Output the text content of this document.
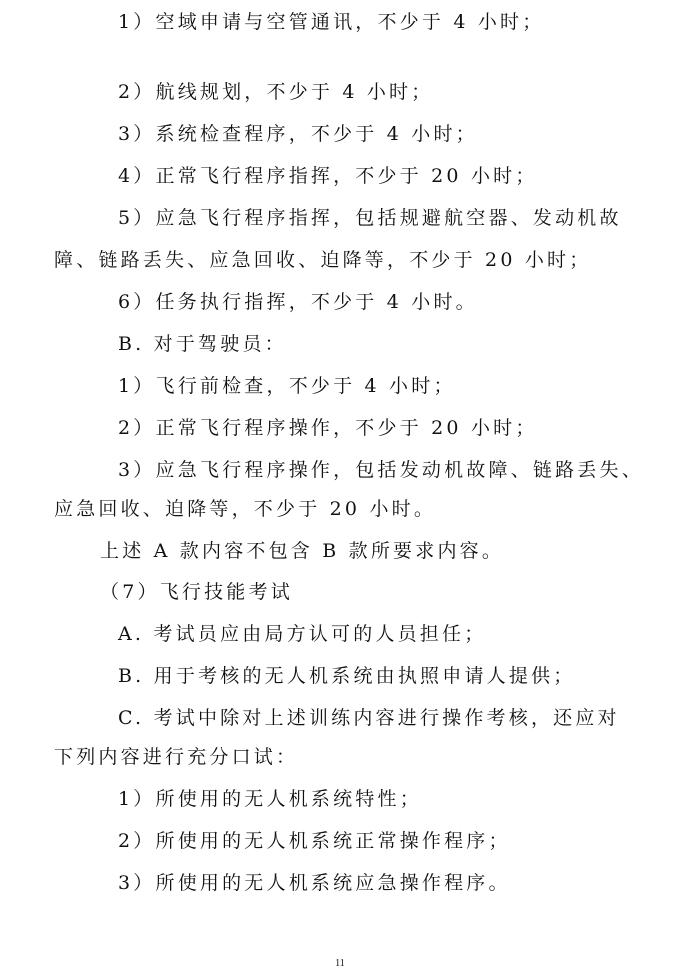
1）空域申请与空管通讯，不少于 4 小时；
2）航线规划，不少于 4 小时；
3）系统检查程序，不少于 4 小时；
4）正常飞行程序指挥，不少于 20 小时；
5）应急飞行程序指挥，包括规避航空器、发动机故
障、链路丢失、应急回收、迫降等，不少于 20 小时；
6）任务执行指挥，不少于 4 小时。
B. 对于驾驶员：
1）飞行前检查，不少于 4 小时；
2）正常飞行程序操作，不少于 20 小时；
3）应急飞行程序操作，包括发动机故障、链路丢失、
应急回收、迫降等，不少于 20 小时。
上述 A 款内容不包含 B 款所要求内容。
（7）飞行技能考试
A. 考试员应由局方认可的人员担任；
B. 用于考核的无人机系统由执照申请人提供；
C. 考试中除对上述训练内容进行操作考核，还应对
下列内容进行充分口试：
1）所使用的无人机系统特性；
2）所使用的无人机系统正常操作程序；
3）所使用的无人机系统应急操作程序。
11
